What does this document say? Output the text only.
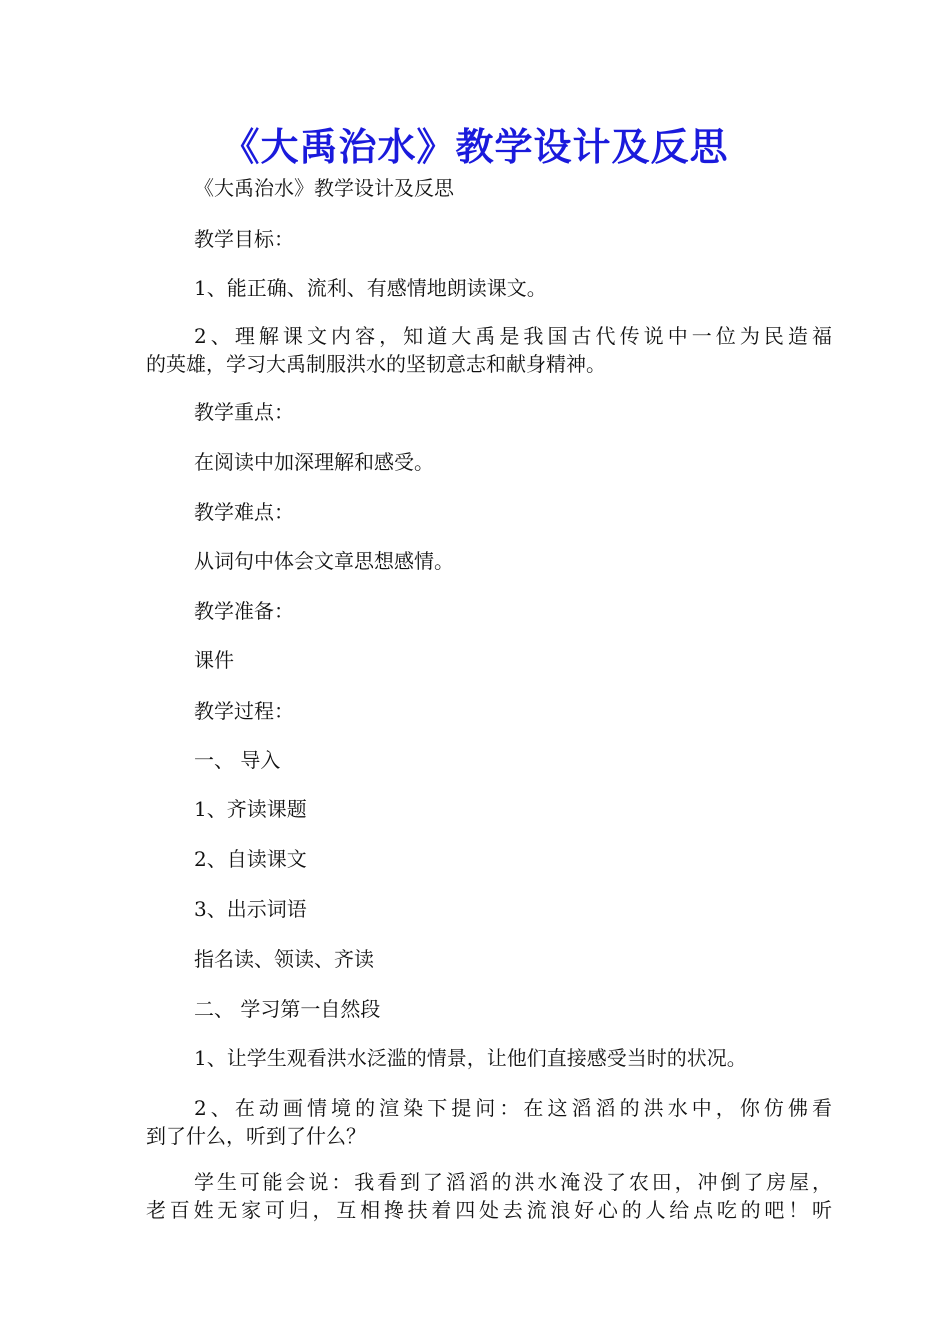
《大禹治水》教学设计及反思
《大禹治水》教学设计及反思
教学目标：
1、能正确、流利、有感情地朗读课文。
2、理解课文内容，知道大禹是我国古代传说中一位为民造福
的英雄，学习大禹制服洪水的坚韧意志和献身精神。
教学重点：
在阅读中加深理解和感受。
教学难点：
从词句中体会文章思想感情。
教学准备：
课件
教学过程：
一、 导入
1、齐读课题
2、自读课文
3、出示词语
指名读、领读、齐读
二、 学习第一自然段
1、让学生观看洪水泛滥的情景，让他们直接感受当时的状况。
2、在动画情境的渲染下提问：在这滔滔的洪水中，你仿佛看
到了什么，听到了什么？
学生可能会说：我看到了滔滔的洪水淹没了农田，冲倒了房屋，
老百姓无家可归，互相搀扶着四处去流浪好心的人给点吃的吧！听
